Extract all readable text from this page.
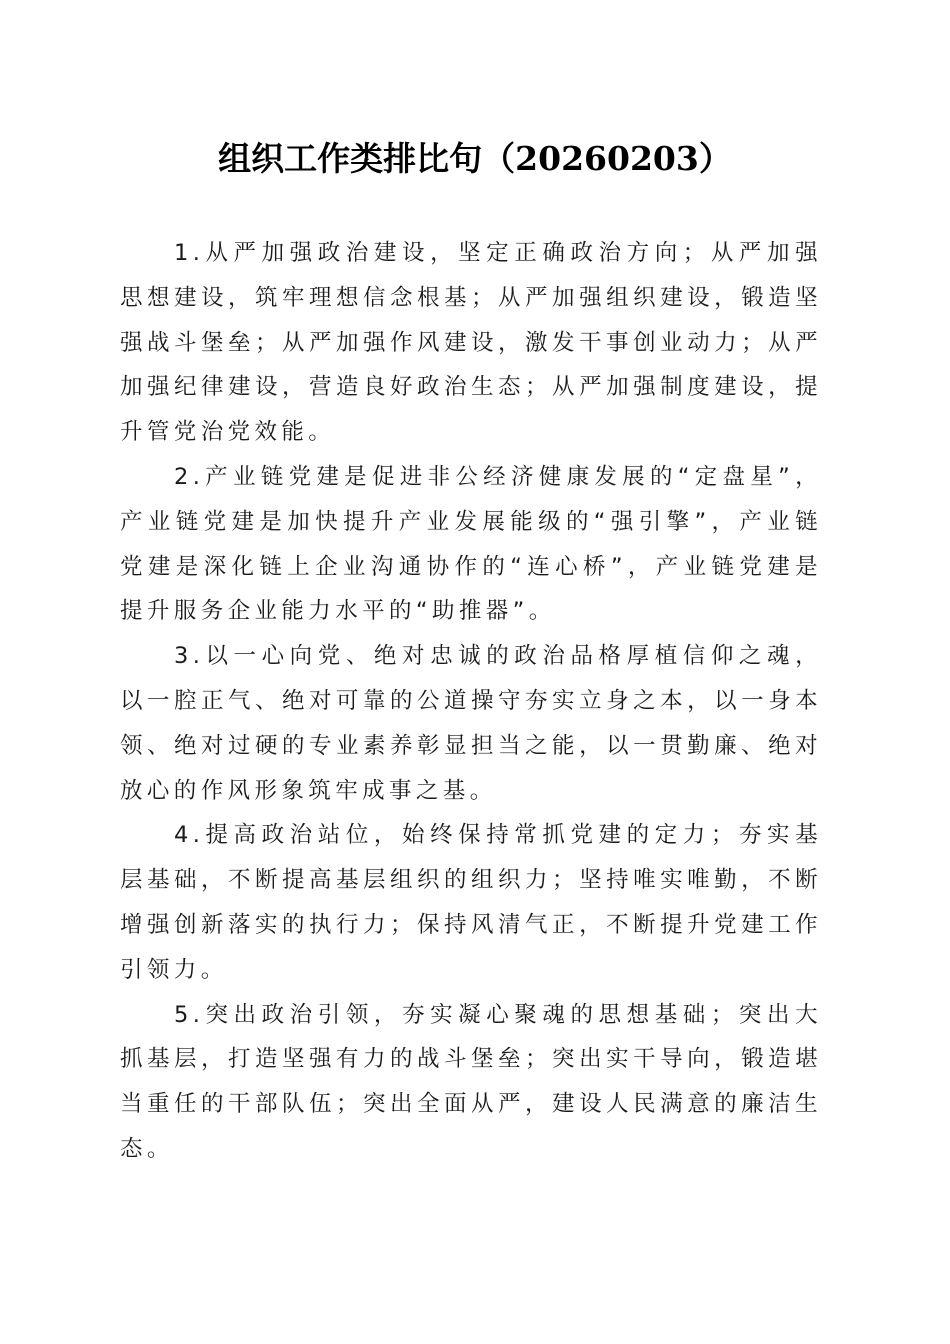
组织工作类排比句（20260203）

1.从严加强政治建设，坚定正确政治方向；从严加强思想建设，筑牢理想信念根基；从严加强组织建设，锻造坚强战斗堡垒；从严加强作风建设，激发干事创业动力；从严加强纪律建设，营造良好政治生态；从严加强制度建设，提升管党治党效能。

2.产业链党建是促进非公经济健康发展的“定盘星”，产业链党建是加快提升产业发展能级的“强引擎”，产业链党建是深化链上企业沟通协作的“连心桥”，产业链党建是提升服务企业能力水平的“助推器”。

3.以一心向党、绝对忠诚的政治品格厚植信仰之魂，以一腔正气、绝对可靠的公道操守夯实立身之本，以一身本领、绝对过硬的专业素养彰显担当之能，以一贯勤廉、绝对放心的作风形象筑牢成事之基。

4.提高政治站位，始终保持常抓党建的定力；夯实基层基础，不断提高基层组织的组织力；坚持唯实唯勤，不断增强创新落实的执行力；保持风清气正，不断提升党建工作引领力。

5.突出政治引领，夯实凝心聚魂的思想基础；突出大抓基层，打造坚强有力的战斗堡垒；突出实干导向，锻造堪当重任的干部队伍；突出全面从严，建设人民满意的廉洁生态。
